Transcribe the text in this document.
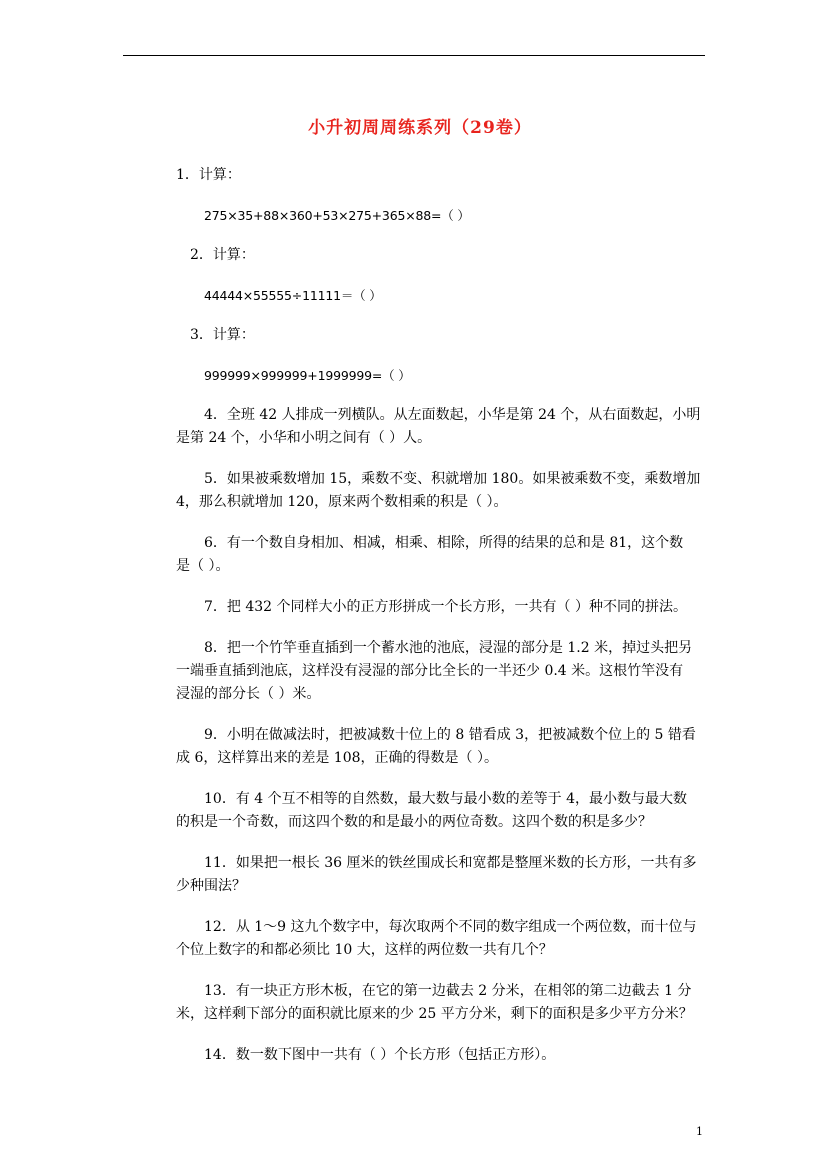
小升初周周练系列（29卷）
1．计算：
275×35+88×360+53×275+365×88=（ ）
2．计算：
44444×55555÷11111＝（ ）
3．计算：
999999×999999+1999999=（ ）
4．全班 42 人排成一列横队。从左面数起，小华是第 24 个，从右面数起，小明
是第 24 个，小华和小明之间有（ ）人。
5．如果被乘数增加 15，乘数不变、积就增加 180。如果被乘数不变，乘数增加
4，那么积就增加 120，原来两个数相乘的积是（ ）。
6．有一个数自身相加、相减，相乘、相除，所得的结果的总和是 81，这个数
是（ ）。
7．把 432 个同样大小的正方形拼成一个长方形，一共有（ ）种不同的拼法。
8．把一个竹竿垂直插到一个蓄水池的池底，浸湿的部分是 1.2 米，掉过头把另
一端垂直插到池底，这样没有浸湿的部分比全长的一半还少 0.4 米。这根竹竿没有
浸湿的部分长（ ）米。
9．小明在做减法时，把被减数十位上的 8 错看成 3，把被减数个位上的 5 错看
成 6，这样算出来的差是 108，正确的得数是（ ）。
10．有 4 个互不相等的自然数，最大数与最小数的差等于 4，最小数与最大数
的积是一个奇数，而这四个数的和是最小的两位奇数。这四个数的积是多少？
11．如果把一根长 36 厘米的铁丝围成长和宽都是整厘米数的长方形，一共有多
少种围法？
12．从 1～9 这九个数字中，每次取两个不同的数字组成一个两位数，而十位与
个位上数字的和都必须比 10 大，这样的两位数一共有几个？
13．有一块正方形木板，在它的第一边截去 2 分米，在相邻的第二边截去 1 分
米，这样剩下部分的面积就比原来的少 25 平方分米，剩下的面积是多少平方分米？
14．数一数下图中一共有（ ）个长方形（包括正方形）。
1
